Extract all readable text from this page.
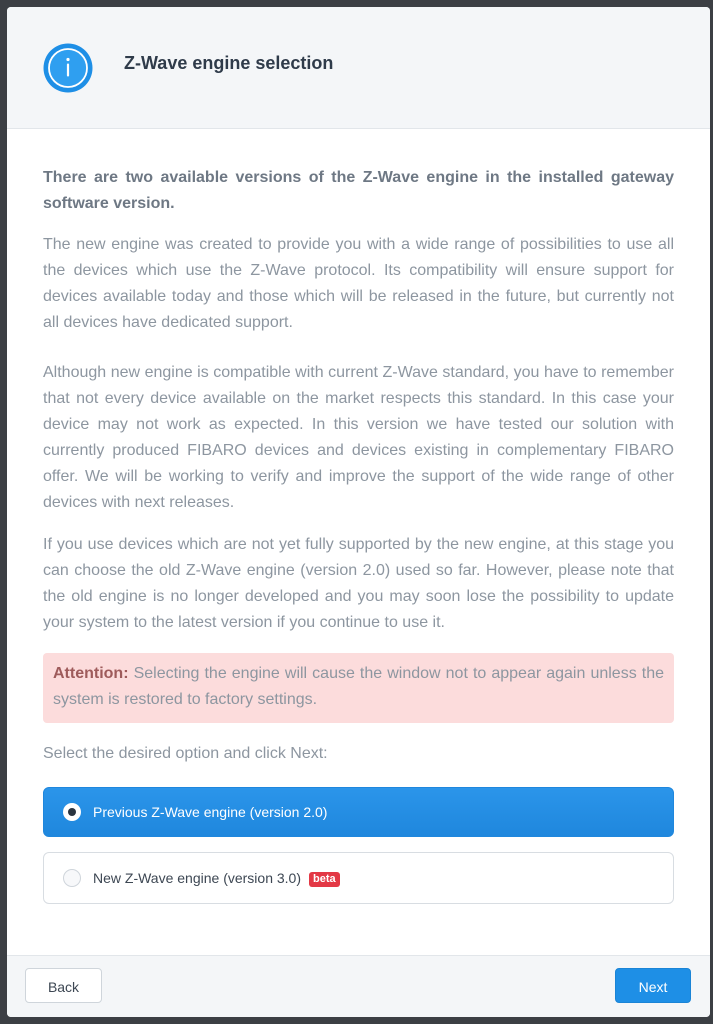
Z-Wave engine selection

There are two available versions of the Z-Wave engine in the installed gateway software version.

The new engine was created to provide you with a wide range of possibilities to use all the devices which use the Z-Wave protocol. Its compatibility will ensure support for devices available today and those which will be released in the future, but currently not all devices have dedicated support.

Although new engine is compatible with current Z-Wave standard, you have to remember that not every device available on the market respects this standard. In this case your device may not work as expected. In this version we have tested our solution with currently produced FIBARO devices and devices existing in complementary FIBARO offer. We will be working to verify and improve the support of the wide range of other devices with next releases.

If you use devices which are not yet fully supported by the new engine, at this stage you can choose the old Z-Wave engine (version 2.0) used so far. However, please note that the old engine is no longer developed and you may soon lose the possibility to update your system to the latest version if you continue to use it.

Attention: Selecting the engine will cause the window not to appear again unless the system is restored to factory settings.

Select the desired option and click Next:

Previous Z-Wave engine (version 2.0)
New Z-Wave engine (version 3.0) beta
Back	Next
